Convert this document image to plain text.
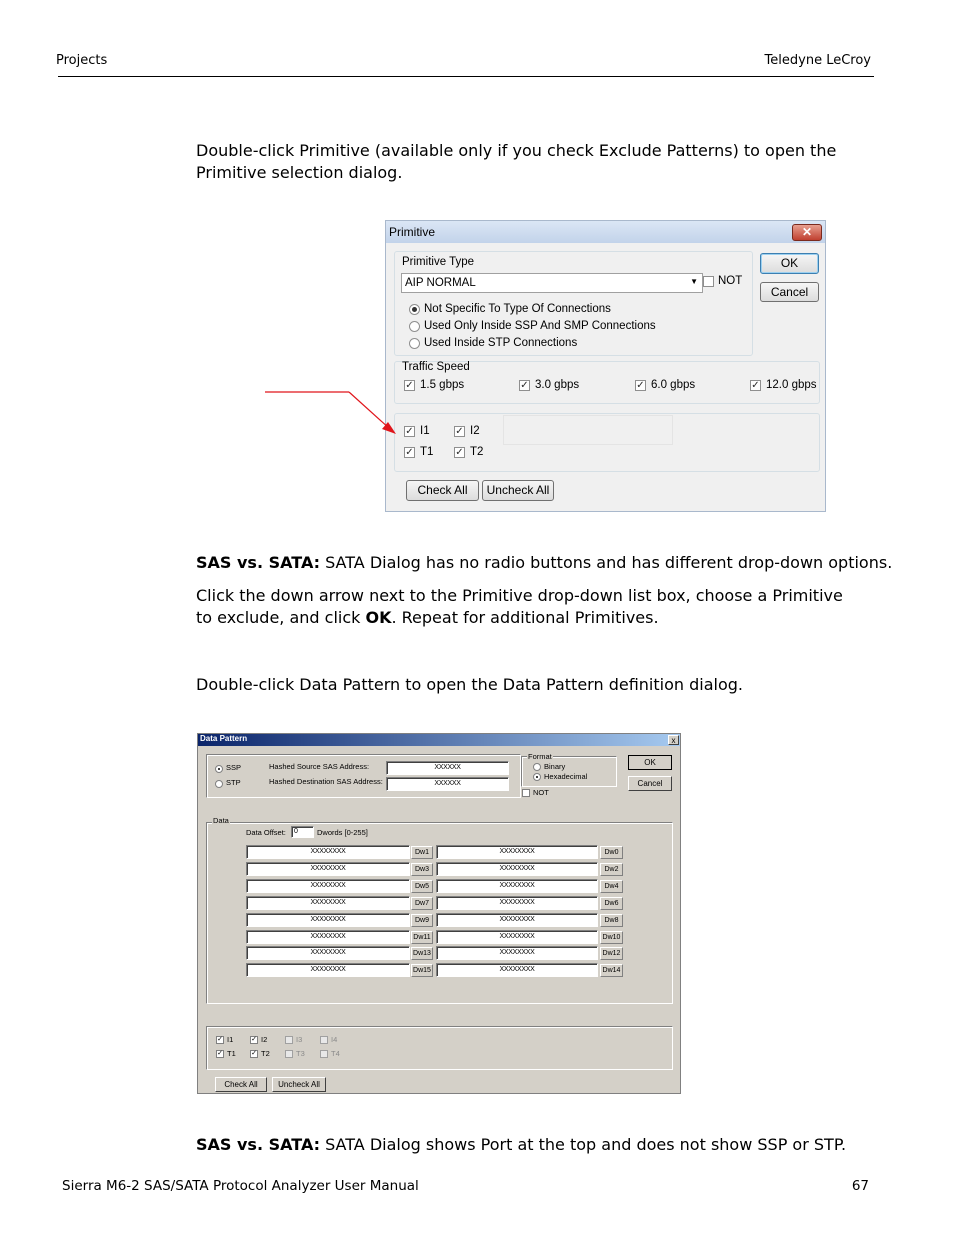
Projects	Teledyne LeCroy
Double-click Primitive (available only if you check Exclude Patterns) to open the Primitive selection dialog.
Primitive	✕
Primitive Type
AIP NORMAL	▼ NOT
Not Specific To Type Of Connections
Used Only Inside SSP And SMP Connections
Used Inside STP Connections
OK
Cancel
Traffic Speed
✓ 1.5 gbps	✓ 3.0 gbps	✓ 6.0 gbps	✓ 12.0 gbps
✓ I1	✓ I2
✓ T1 ✓ T2
Check All	Uncheck All
SAS vs. SATA: SATA Dialog has no radio buttons and has different drop-down options.
Click the down arrow next to the Primitive drop-down list box, choose a Primitive to exclude, and click OK. Repeat for additional Primitives.
Double-click Data Pattern to open the Data Pattern definition dialog.
Data Pattern	x
SSP
STP
Hashed Source SAS Address:
Hashed Destination SAS Address:
XXXXXX
XXXXXX
Format
Binary
Hexadecimal
NOT
OK
Cancel
Data
Data Offset:	0	Dwords [0-255]
XXXXXXXX	Dw1	XXXXXXXX	Dw0
XXXXXXXX	Dw3	XXXXXXXX	Dw2
XXXXXXXX	Dw5	XXXXXXXX	Dw4
XXXXXXXX	Dw7	XXXXXXXX	Dw6
XXXXXXXX	Dw9	XXXXXXXX	Dw8
XXXXXXXX	Dw11	XXXXXXXX	Dw10
XXXXXXXX	Dw13	XXXXXXXX	Dw12
XXXXXXXX	Dw15	XXXXXXXX	Dw14
✓ I1	✓ I2	I3	I4
✓ T1 ✓ T2	T3	T4
Check All	Uncheck All
SAS vs. SATA: SATA Dialog shows Port at the top and does not show SSP or STP.
Sierra M6-2 SAS/SATA Protocol Analyzer User Manual	67
